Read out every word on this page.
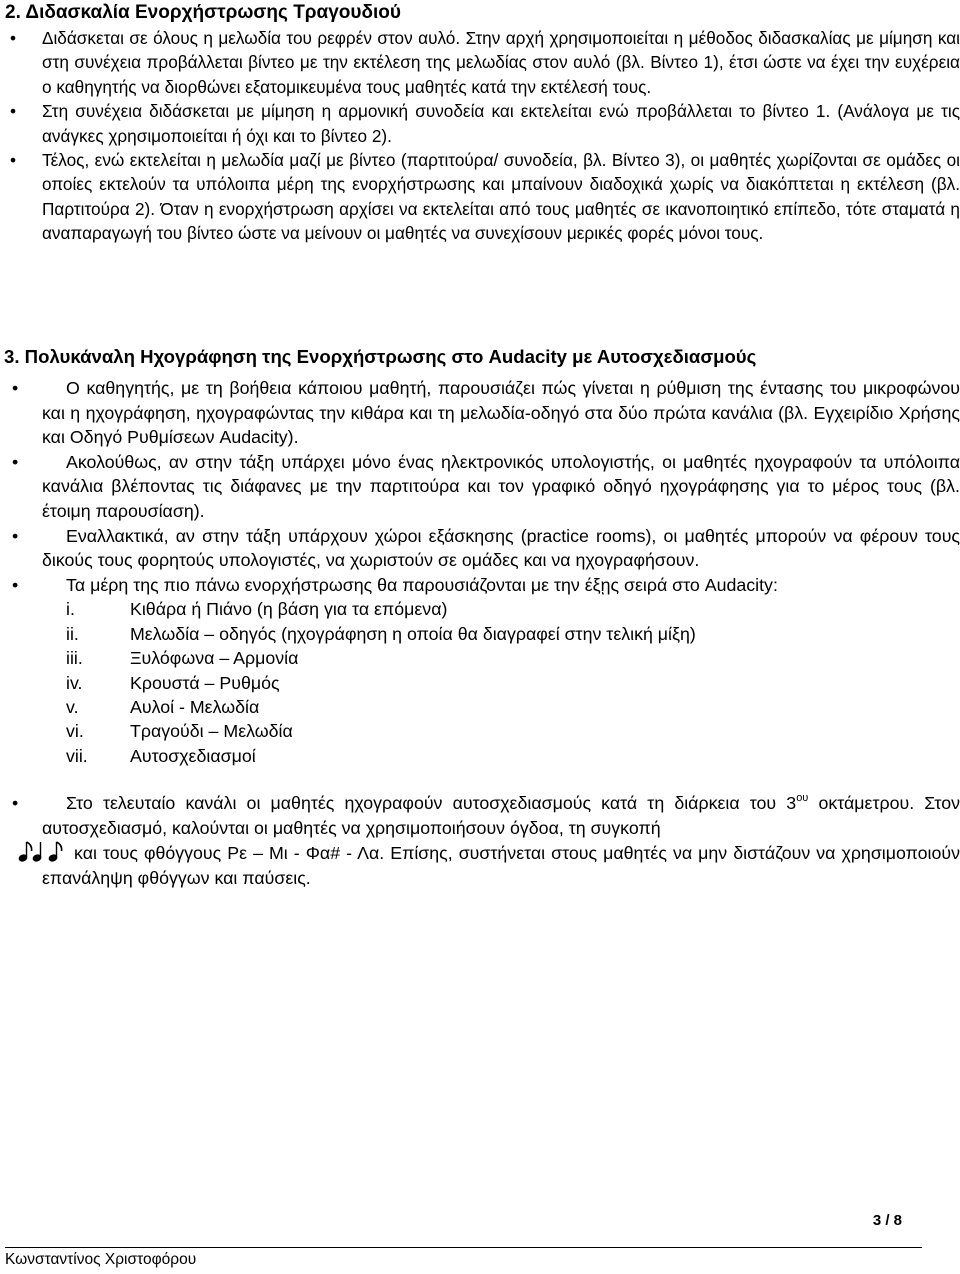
2. Διδασκαλία Ενορχήστρωσης Τραγουδιού
• Διδάσκεται σε όλους η μελωδία του ρεφρέν στον αυλό. Στην αρχή χρησιμοποιείται η μέθοδος διδασκαλίας με μίμηση και στη συνέχεια προβάλλεται βίντεο με την εκτέλεση της μελωδίας στον αυλό (βλ. Βίντεο 1), έτσι ώστε να έχει την ευχέρεια ο καθηγητής να διορθώνει εξατομικευμένα τους μαθητές κατά την εκτέλεσή τους.
• Στη συνέχεια διδάσκεται με μίμηση η αρμονική συνοδεία και εκτελείται ενώ προβάλλεται το βίντεο 1. (Ανάλογα με τις ανάγκες χρησιμοποιείται ή όχι και το βίντεο 2).
• Τέλος, ενώ εκτελείται η μελωδία μαζί με βίντεο (παρτιτούρα/ συνοδεία, βλ. Βίντεο 3), οι μαθητές χωρίζονται σε ομάδες οι οποίες εκτελούν τα υπόλοιπα μέρη της ενορχήστρωσης και μπαίνουν διαδοχικά χωρίς να διακόπτεται η εκτέλεση (βλ. Παρτιτούρα 2). Όταν η ενορχήστρωση αρχίσει να εκτελείται από τους μαθητές σε ικανοποιητικό επίπεδο, τότε σταματά η αναπαραγωγή του βίντεο ώστε να μείνουν οι μαθητές να συνεχίσουν μερικές φορές μόνοι τους.
3. Πολυκάναλη Ηχογράφηση της Ενορχήστρωσης στο Audacity με Αυτοσχεδιασμούς
•	Ο καθηγητής, με τη βοήθεια κάποιου μαθητή, παρουσιάζει πώς γίνεται η ρύθμιση της έντασης του μικροφώνου και η ηχογράφηση, ηχογραφώντας την κιθάρα και τη μελωδία-οδηγό στα δύο πρώτα κανάλια (βλ. Εγχειρίδιο Χρήσης και Οδηγό Ρυθμίσεων Audacity).
•	Ακολούθως, αν στην τάξη υπάρχει μόνο ένας ηλεκτρονικός υπολογιστής, οι μαθητές ηχογραφούν τα υπόλοιπα κανάλια βλέποντας τις διάφανες με την παρτιτούρα και τον γραφικό οδηγό ηχογράφησης για το μέρος τους (βλ. έτοιμη παρουσίαση).
•	Εναλλακτικά, αν στην τάξη υπάρχουν χώροι εξάσκησης (practice rooms), οι μαθητές μπορούν να φέρουν τους δικούς τους φορητούς υπολογιστές, να χωριστούν σε ομάδες και να ηχογραφήσουν.
•	Τα μέρη της πιο πάνω ενορχήστρωσης θα παρουσιάζονται με την έξῃς σειρά στο Audacity:
i.	Κιθάρα ή Πιάνο (η βάση για τα επόμενα)
ii.	Μελωδία – οδηγός (ηχογράφηση η οποία θα διαγραφεί στην τελική μίξη)
iii.	Ξυλόφωνα – Αρμονία
iv.	Κρουστά – Ρυθμός
v.	Αυλοί - Μελωδία
vi.	Τραγούδι – Μελωδία
vii. Αυτοσχεδιασμοί
•	Στο τελευταίο κανάλι οι μαθητές ηχογραφούν αυτοσχεδιασμούς κατά τη διάρκεια του $3^{o\upsilon}$ οκτάμετρου. Στον αυτοσχεδιασμό, καλούνται οι μαθητές να χρησιμοποιήσουν όγδοα, τη συγκοπή
και τους φθόγγους Ρε – Μι - Φα# - Λα. Επίσης, συστήνεται στους μαθητές να μην διστάζουν να χρησιμοποιούν επανάληψη φθόγγων και παύσεις.
3 / 8
Κωνσταντίνος Χριστοφόρου
